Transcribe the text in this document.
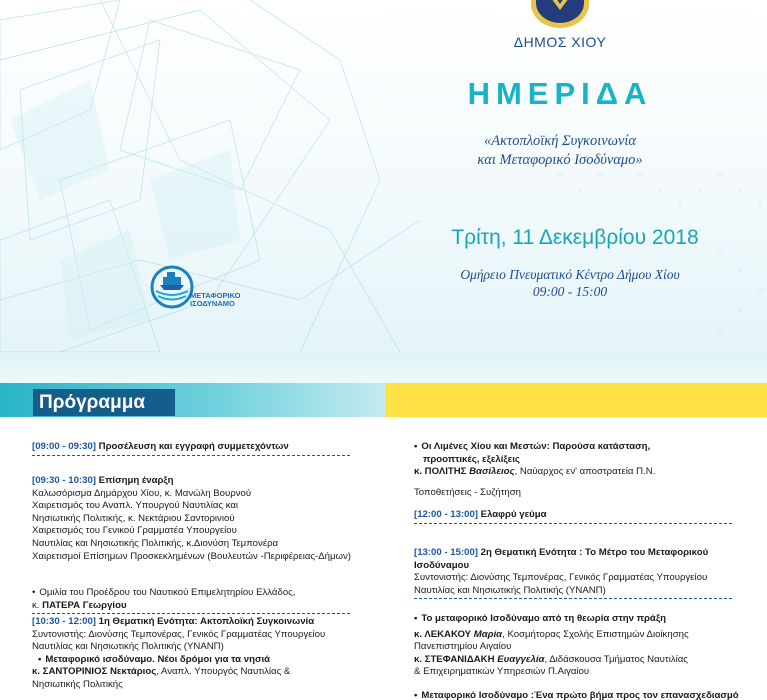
ΔΗΜΟΣ ΧΙΟΥ
ΗΜΕΡΙΔΑ
«Ακτοπλοϊκή Συγκοινωνία
και Μεταφορικό Ισοδύναμο»
Τρίτη, 11 Δεκεμβρίου 2018
Ομήρειο Πνευματικό Κέντρο Δήμου Χίου
09:00 - 15:00
ΜΕΤΑΦΟΡΙΚΟ
ΙΣΟΔΥΝΑΜΟ
Πρόγραμμα
[09:00 - 09:30] Προσέλευση και εγγραφή συμμετεχόντων
[09:30 - 10:30] Επίσημη έναρξη
Καλωσόρισμα Δημάρχου Χίου, κ. Μανώλη Βουρνού
Χαιρετισμός του Αναπλ. Υπουργού Ναυτιλίας και
Νησιωτικής Πολιτικής, κ. Νεκτάριου Σαντορινιού
Χαιρετισμός του Γενικού Γραμματέα Υπουργείου
Ναυτιλίας και Νησιωτικής Πολιτικής, κ.Διονύση Τεμπονέρα
Χαιρετισμοί Επίσημων Προσκεκλημένων (Βουλευτών -Περιφέρειας-Δήμων)
• Ομιλία του Προέδρου του Ναυτικού Επιμελητηρίου Ελλάδος,
κ. ΠΑΤΕΡΑ Γεωργίου
[10:30 - 12:00] 1η Θεματική Ενότητα: Ακτοπλοϊκή Συγκοινωνία
Συντονιστής: Διονύσης Τεμπονέρας, Γενικός Γραμματέας Υπουργείου
Ναυτιλίας και Νησιωτικής Πολιτικής (ΥΝΑΝΠ)
• Μεταφορικό ισοδύναμο. Νέοι δρόμοι για τα νησιά
κ. ΣΑΝΤΟΡΙΝΙΟΣ Νεκτάριος, Αναπλ. Υπουργός Ναυτιλίας &
Νησιωτικής Πολιτικής
• Οι Λιμένες Χίου και Μεστών: Παρούσα κατάσταση,
προοπτικές, εξελίξεις
κ. ΠΟΛΙΤΗΣ Βασίλειος, Ναύαρχος εν' αποστρατεία Π.Ν.
Τοποθετήσεις - Συζήτηση
[12:00 - 13:00] Ελαφρύ γεύμα
[13:00 - 15:00] 2η Θεματική Ενότητα : Το Μέτρο του Μεταφορικού
Ισοδύναμου
Συντονιστής: Διονύσης Τεμπονέρας, Γενικός Γραμματέας Υπουργείου
Ναυτιλίας και Νησιωτικής Πολιτικής (ΥΝΑΝΠ)
• Το μεταφορικό Ισοδύναμο από τη θεωρία στην πράξη
κ. ΛΕΚΑΚΟΥ Μαρία, Κοσμήτορας Σχολής Επιστημών Διοίκησης
Πανεπιστημίου Αιγαίου
κ. ΣΤΕΦΑΝΙΔΑΚΗ Ευαγγελία, Διδάσκουσα Τμήματος Ναυτιλίας
& Επιχειρηματικών Υπηρεσιών Π.Αιγαίου
• Μεταφορικό Ισοδύναμο :Ένα πρώτο βήμα προς τον επανασχεδιασμό
